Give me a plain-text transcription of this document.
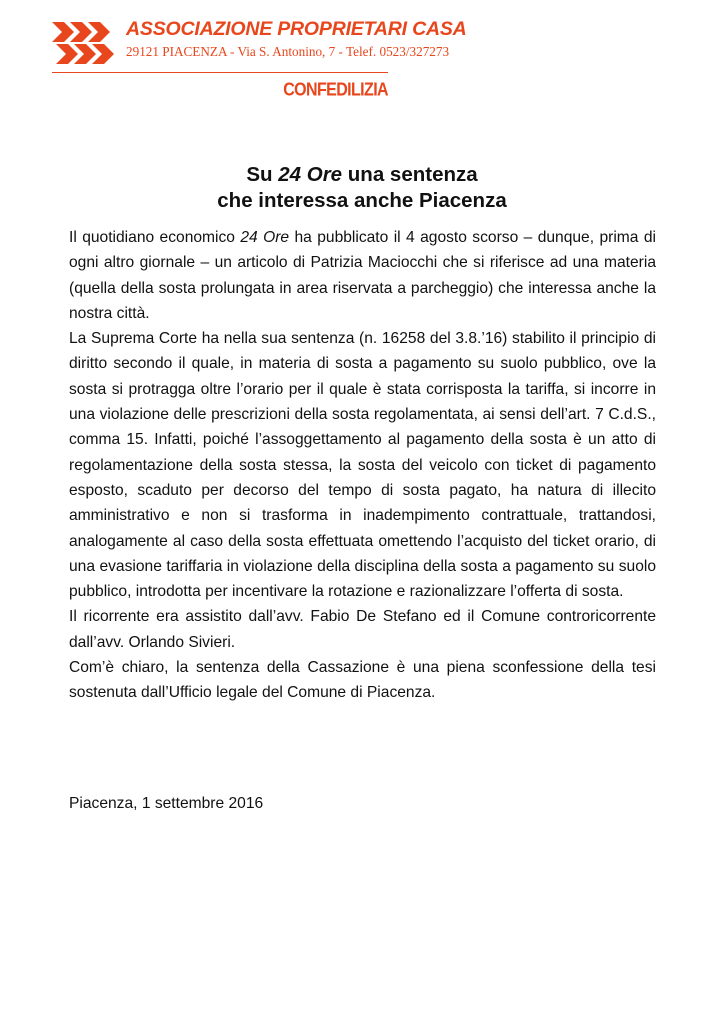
ASSOCIAZIONE PROPRIETARI CASA
29121 PIACENZA - Via S. Antonino, 7 - Telef. 0523/327273
CONFEDILIZIA
Su 24 Ore una sentenza
che interessa anche Piacenza

Il quotidiano economico 24 Ore ha pubblicato il 4 agosto scorso – dunque, prima di ogni altro giornale – un articolo di Patrizia Maciocchi che si riferisce ad una materia (quella della sosta prolungata in area riservata a parcheggio) che interessa anche la nostra città.

La Suprema Corte ha nella sua sentenza (n. 16258 del 3.8.’16) stabilito il principio di diritto secondo il quale, in materia di sosta a pagamento su suolo pubblico, ove la sosta si protragga oltre l’orario per il quale è stata corrisposta la tariffa, si incorre in una violazione delle prescrizioni della sosta regolamentata, ai sensi dell’art. 7 C.d.S., comma 15. Infatti, poiché l’assoggettamento al pagamento della sosta è un atto di regolamentazione della sosta stessa, la sosta del veicolo con ticket di pagamento esposto, scaduto per decorso del tempo di sosta pagato, ha natura di illecito amministrativo e non si trasforma in inadempimento contrattuale, trattandosi, analogamente al caso della sosta effettuata omettendo l’acquisto del ticket orario, di una evasione tariffaria in violazione della disciplina della sosta a pagamento su suolo pubblico, introdotta per incentivare la rotazione e razionalizzare l’offerta di sosta.

Il ricorrente era assistito dall’avv. Fabio De Stefano ed il Comune controricorrente dall’avv. Orlando Sivieri.

Com’è chiaro, la sentenza della Cassazione è una piena sconfessione della tesi sostenuta dall’Ufficio legale del Comune di Piacenza.

Piacenza, 1 settembre 2016
